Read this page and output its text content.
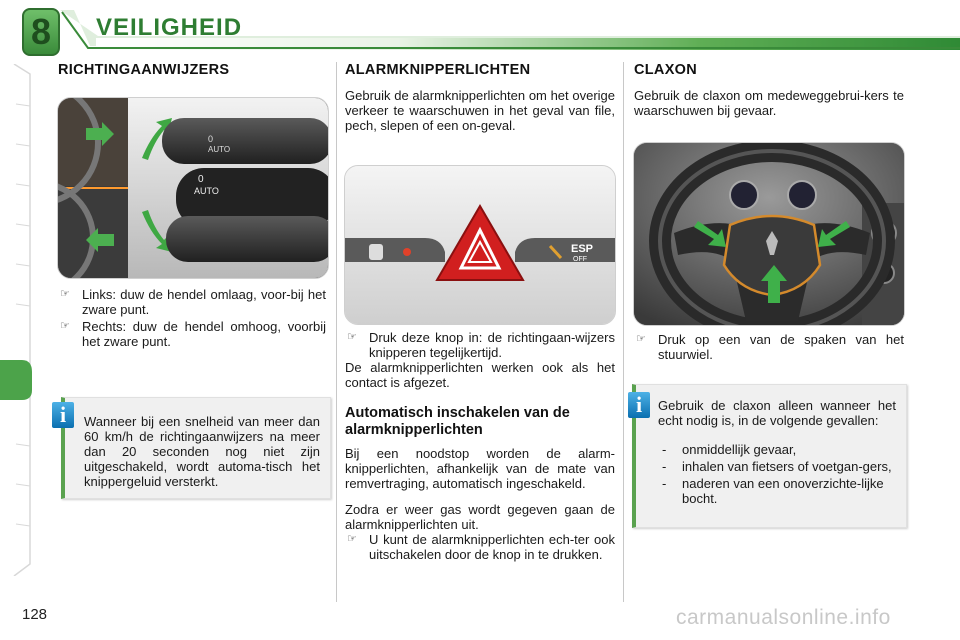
8	VEILIGHEID
128
RICHTINGAANWIJZERS
0
AUTO
0
AUTO
☞ Links: duw de hendel omlaag, voor-bij het zware punt.
☞ Rechts: duw de hendel omhoog, voorbij het zware punt.
i	Wanneer bij een snelheid van meer dan 60 km/h de richtingaanwijzers na meer dan 20 seconden nog niet zijn uitgeschakeld, wordt automa-tisch het knippergeluid versterkt.
ALARMKNIPPERLICHTEN
Gebruik de alarmknipperlichten om het overige verkeer te waarschuwen in het geval van file, pech, slepen of een on-geval.
ESP
OFF
☞ Druk deze knop in: de richtingaan-wijzers knipperen tegelijkertijd.
De alarmknipperlichten werken ook als het contact is afgezet.
Automatisch inschakelen van de alarmknipperlichten
Bij een noodstop worden de alarm-knipperlichten, afhankelijk van de mate van remvertraging, automatisch ingeschakeld.
Zodra er weer gas wordt gegeven gaan de alarmknipperlichten uit.
☞ U kunt de alarmknipperlichten ech-ter ook uitschakelen door de knop in te drukken.
CLAXON
Gebruik de claxon om medeweggebrui-kers te waarschuwen bij gevaar.
☞ Druk op een van de spaken van het stuurwiel.
i	Gebruik de claxon alleen wanneer het echt nodig is, in de volgende gevallen:
- onmiddellijk gevaar,
- inhalen van fietsers of voetgan-gers,
- naderen van een onoverzichte-lijke bocht.
carmanualsonline.info
